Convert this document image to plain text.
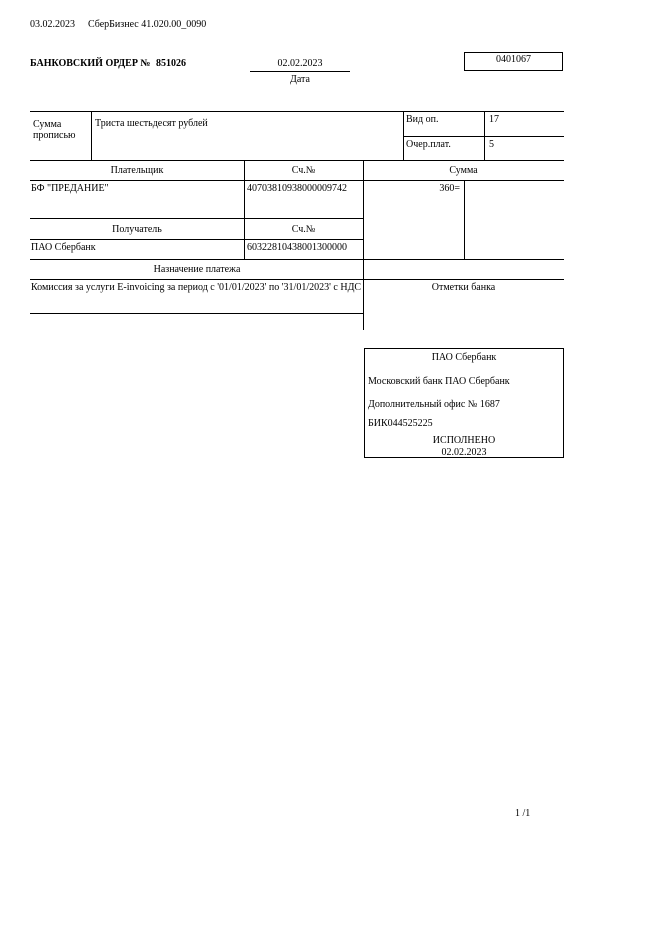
03.02.2023 СберБизнес 41.020.00_0090
БАНКОВСКИЙ ОРДЕР № 851026	02.02.2023
Дата
0401067
Сумма прописью
Триста шестьдесят рублей	Вид оп.	17
Очер.плат.	5
Плательщик	Сч.№	Сумма
БФ "ПРЕДАНИЕ"	40703810938000009742	360=
Получатель	Сч.№
ПАО Сбербанк	60322810438001300000
Назначение платежа
Комиссия за услуги E-invoicing за период с '01/01/2023' по '31/01/2023' с НДС	Отметки банка
ПАО Сбербанк
Московский банк ПАО Сбербанк
Дополнительный офис № 1687
БИК044525225
ИСПОЛНЕНО
02.02.2023
1 /1
